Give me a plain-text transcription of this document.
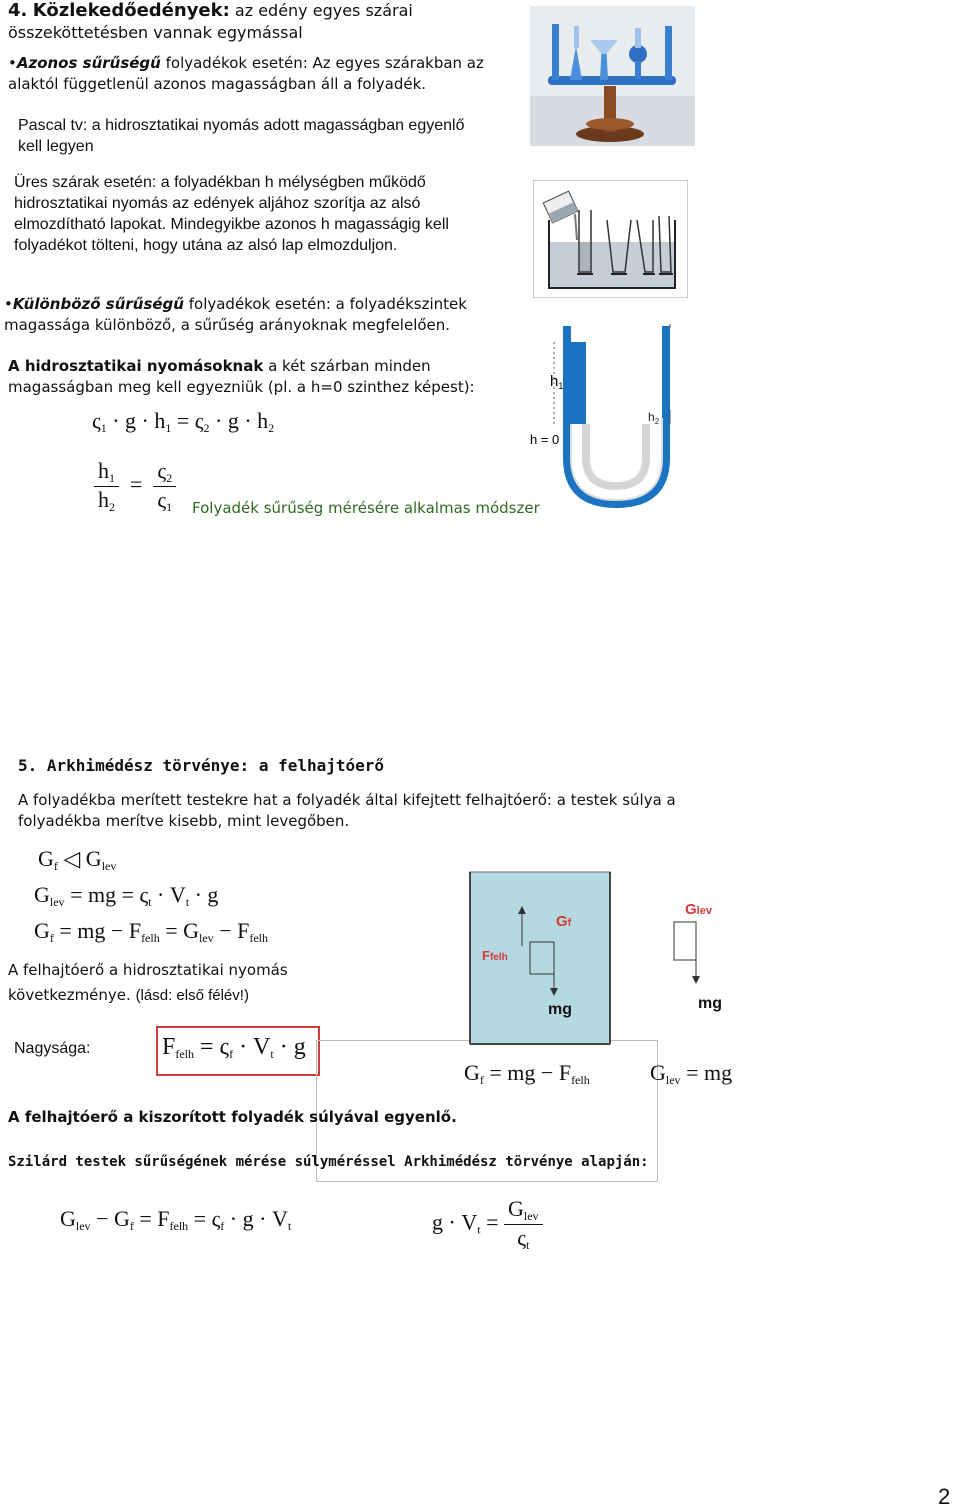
4. Közlekedőedények: az edény egyes szárai összeköttetésben vannak egymással
•Azonos sűrűségű folyadékok esetén: Az egyes szárakban az alaktól függetlenül azonos magasságban áll a folyadék.
Pascal tv: a hidrosztatikai nyomás adott magasságban egyenlő kell legyen
Üres szárak esetén: a folyadékban h mélységben működő hidrosztatikai nyomás az edények aljához szorítja az alsó elmozdítható lapokat. Mindegyikbe azonos h magasságig kell folyadékot tölteni, hogy utána az alsó lap elmozduljon.
•Különböző sűrűségű folyadékok esetén: a folyadékszintek magassága különböző, a sűrűség arányoknak megfelelően.
A hidrosztatikai nyomásoknak a két szárban minden magasságban meg kell egyezniük (pl. a h=0 szinthez képest):
$\varsigma_1 \cdot g \cdot h_1 = \varsigma_2 \cdot g \cdot h_2$
$\frac{h_1}{h_2} = \frac{\varsigma_2}{\varsigma_1}$ Folyadék sűrűség mérésére alkalmas módszer
$h_1$
$h_2$
h = 0
5. Arkhimédész törvénye: a felhajtóerő
A folyadékba merített testekre hat a folyadék által kifejtett felhajtóerő: a testek súlya a folyadékba merítve kisebb, mint levegőben.
$G_f$ ◁ $G_{lev}$
$G_{lev}$ = mg = $\varsigma_t \cdot V_t \cdot g$
$G_f$ = mg − $F_{felh} = G_{lev} - F_{felh}$
A felhajtóerő a hidrosztatikai nyomás következménye. (lásd: első félév!)
Nagysága:	$F_{felh} = \varsigma_f \cdot V_t \cdot g$
Ffelh
Gf
mg
Glev
mg
$G_f$ = mg − $F_{felh}$	$G_{lev}$ = mg
A felhajtóerő a kiszorított folyadék súlyával egyenlő.
Szilárd testek sűrűségének mérése súlyméréssel Arkhimédész törvénye alapján:
$G_{lev} - G_f = F_{felh} = \varsigma_f \cdot g \cdot V_t$	$g \cdot V_t = \frac{G_{lev}}{\varsigma_t}$
2
